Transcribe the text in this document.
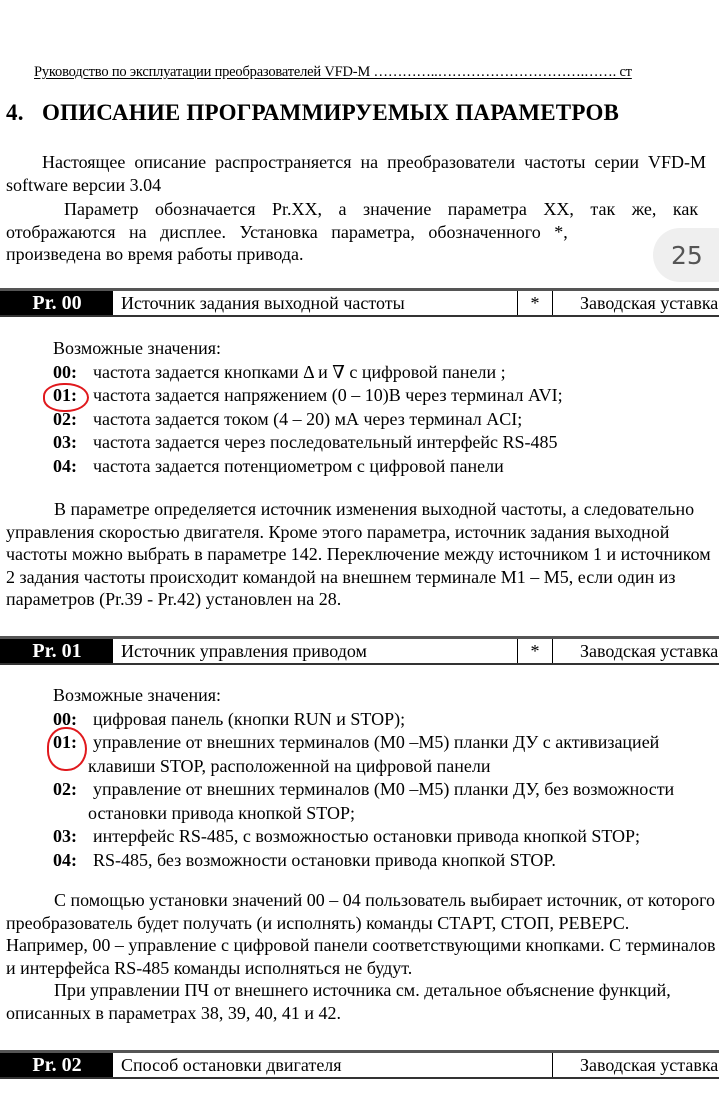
Руководство по эксплуатации преобразователей VFD-M …………..………………………….……. ст
4. ОПИСАНИЕ ПРОГРАММИРУЕМЫХ ПАРАМЕТРОВ
Настоящее описание распространяется на преобразователи частоты серии VFD-M
software версии 3.04
Параметр обозначается Pr.XX, а значение параметра XX, так же, как
отображаются на дисплее. Установка параметра, обозначенного *,
произведена во время работы привода.	25
Pr. 00	Источник задания выходной частоты	*	Заводская уставка
Возможные значения:
00: частота задается кнопками Δ и ∇ с цифровой панели ;
01: частота задается напряжением (0 – 10)В через терминал AVI;
02: частота задается током (4 – 20) мА через терминал ACI;
03: частота задается через последовательный интерфейс RS-485
04: частота задается потенциометром с цифровой панели
В параметре определяется источник изменения выходной частоты, а следовательно
управления скоростью двигателя. Кроме этого параметра, источник задания выходной
частоты можно выбрать в параметре 142. Переключение между источником 1 и источником
2 задания частоты происходит командой на внешнем терминале M1 – M5, если один из
параметров (Pr.39 - Pr.42) установлен на 28.
Pr. 01	Источник управления приводом	*	Заводская уставка
Возможные значения:
00: цифровая панель (кнопки RUN и STOP);
01: управление от внешних терминалов (M0 –M5) планки ДУ с активизацией
клавиши STOP, расположенной на цифровой панели
02: управление от внешних терминалов (M0 –M5) планки ДУ, без возможности
остановки привода кнопкой STOP;
03: интерфейс RS-485, с возможностью остановки привода кнопкой STOP;
04: RS-485, без возможности остановки привода кнопкой STOP.
С помощью установки значений 00 – 04 пользователь выбирает источник, от которого
преобразователь будет получать (и исполнять) команды СТАРТ, СТОП, РЕВЕРС.
Например, 00 – управление с цифровой панели соответствующими кнопками. С терминалов
и интерфейса RS-485 команды исполняться не будут.
При управлении ПЧ от внешнего источника см. детальное объяснение функций,
описанных в параметрах 38, 39, 40, 41 и 42.
Pr. 02	Способ остановки двигателя	Заводская уставка
